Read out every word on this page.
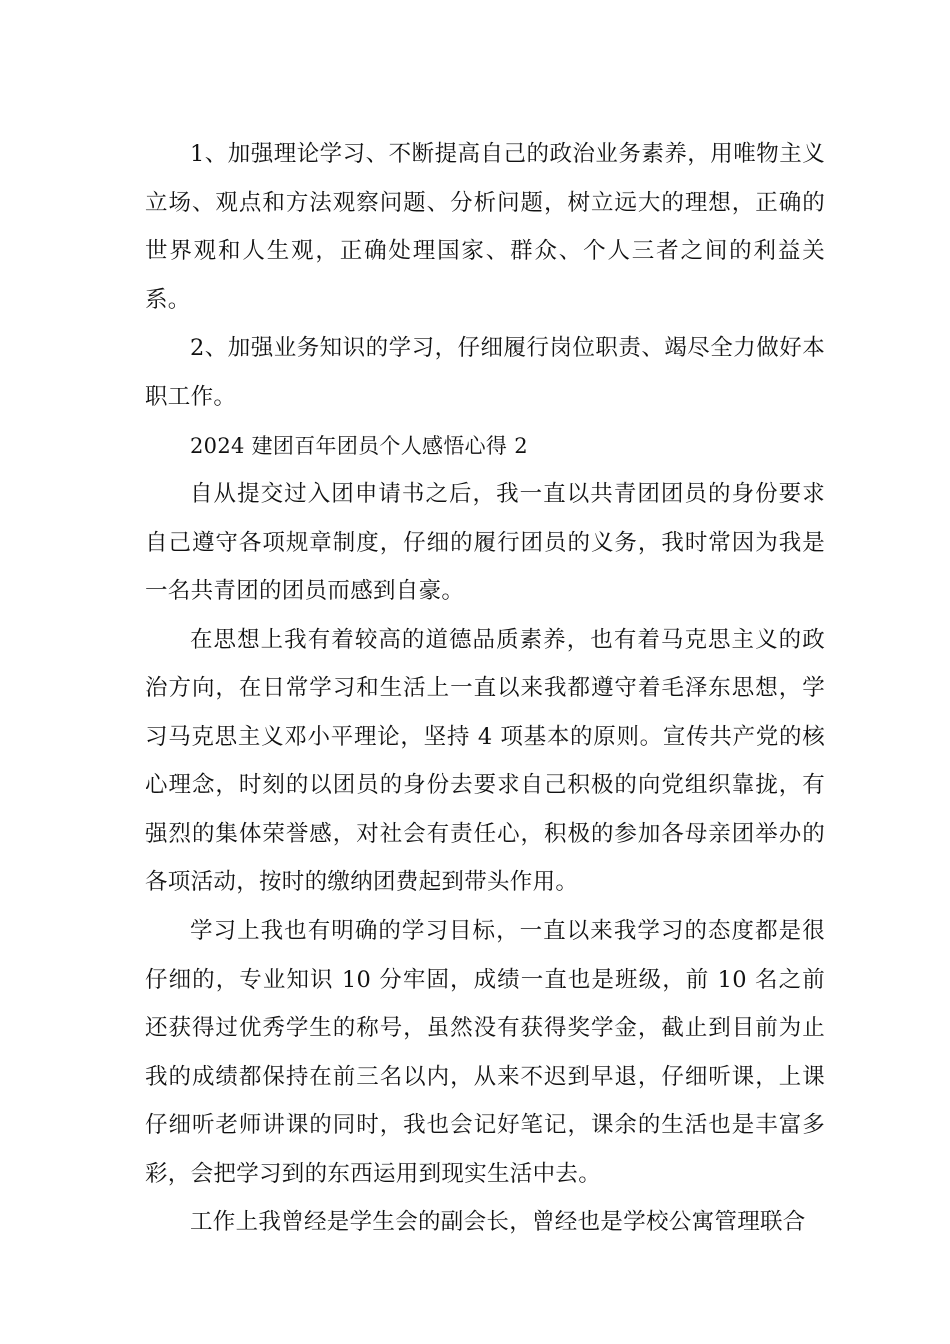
1、加强理论学习、不断提高自己的政治业务素养，用唯物主义立场、观点和方法观察问题、分析问题，树立远大的理想，正确的世界观和人生观，正确处理国家、群众、个人三者之间的利益关系。

2、加强业务知识的学习，仔细履行岗位职责、竭尽全力做好本职工作。

2024 建团百年团员个人感悟心得 2

自从提交过入团申请书之后，我一直以共青团团员的身份要求自己遵守各项规章制度，仔细的履行团员的义务，我时常因为我是一名共青团的团员而感到自豪。

在思想上我有着较高的道德品质素养，也有着马克思主义的政治方向，在日常学习和生活上一直以来我都遵守着毛泽东思想，学习马克思主义邓小平理论，坚持 4 项基本的原则。宣传共产党的核心理念，时刻的以团员的身份去要求自己积极的向党组织靠拢，有强烈的集体荣誉感，对社会有责任心，积极的参加各母亲团举办的各项活动，按时的缴纳团费起到带头作用。

学习上我也有明确的学习目标，一直以来我学习的态度都是很仔细的，专业知识 10 分牢固，成绩一直也是班级，前 10 名之前还获得过优秀学生的称号，虽然没有获得奖学金，截止到目前为止我的成绩都保持在前三名以内，从来不迟到早退，仔细听课，上课仔细听老师讲课的同时，我也会记好笔记，课余的生活也是丰富多彩，会把学习到的东西运用到现实生活中去。

工作上我曾经是学生会的副会长，曾经也是学校公寓管理联合
